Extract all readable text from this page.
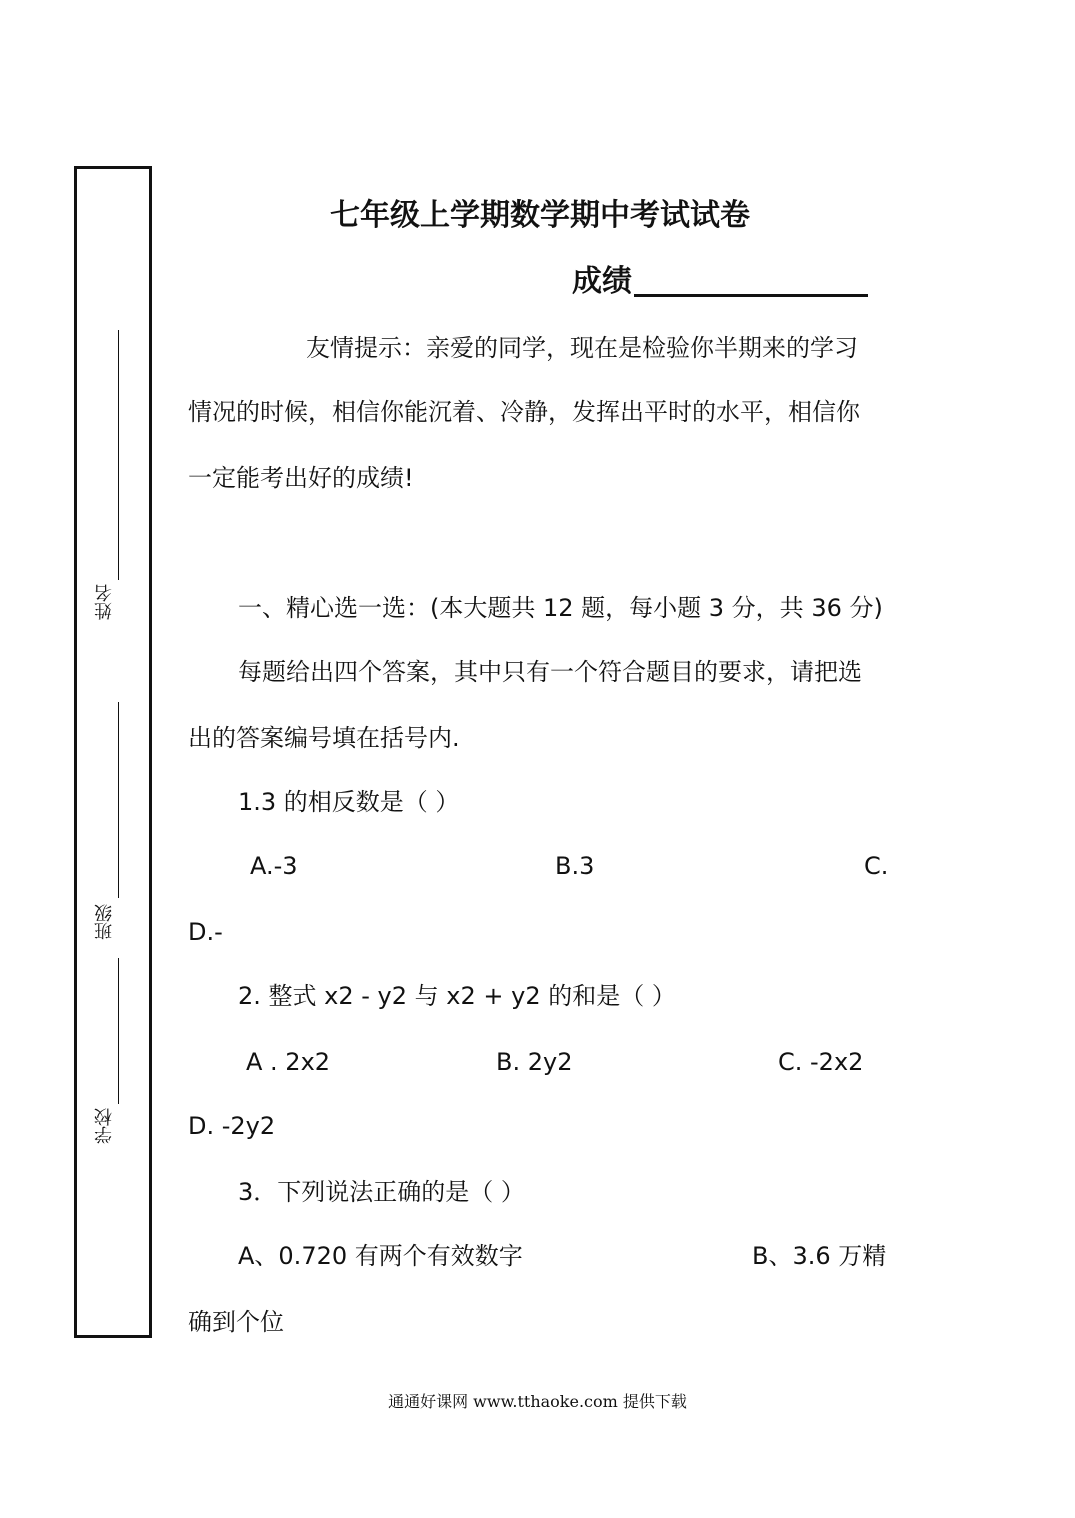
姓名
班级
学校
七年级上学期数学期中考试试卷
成绩
友情提示：亲爱的同学，现在是检验你半期来的学习
情况的时候，相信你能沉着、冷静，发挥出平时的水平，相信你
一定能考出好的成绩!
一、精心选一选：(本大题共 12 题，每小题 3 分，共 36 分)
每题给出四个答案，其中只有一个符合题目的要求，请把选
出的答案编号填在括号内.
1.3 的相反数是（ ）
A.-3	B.3	C.
D.-
2. 整式 x2 - y2 与 x2 + y2 的和是（ ）
A . 2x2	B. 2y2	C. -2x2
D. -2y2
3．下列说法正确的是（ ）
A、0.720 有两个有效数字	B、3.6 万精
确到个位
通通好课网 www.tthaoke.com 提供下载
